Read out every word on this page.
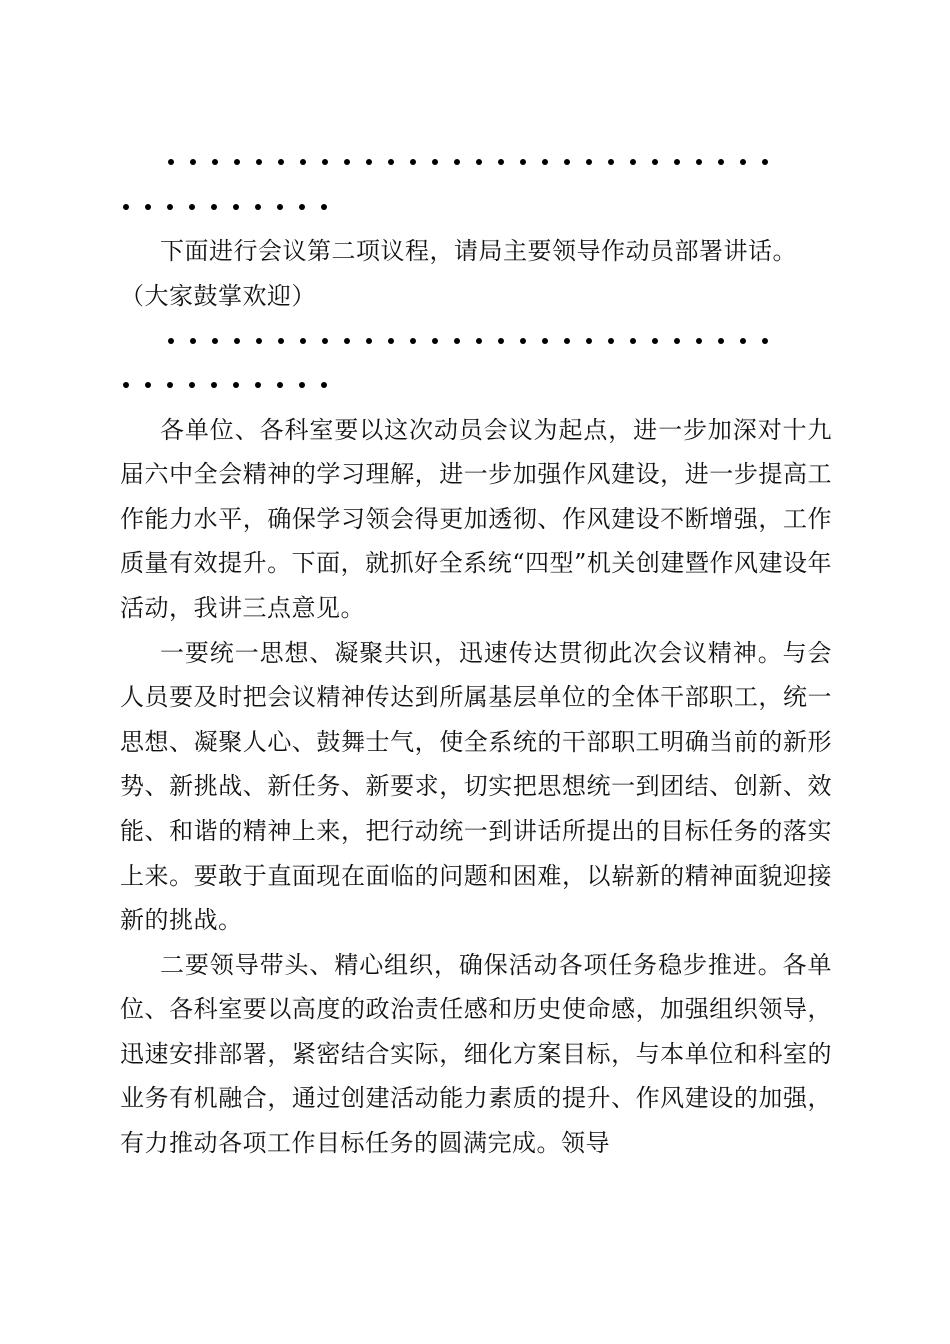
下面进行会议第二项议程，请局主要领导作动员部署讲话。

（大家鼓掌欢迎）

各单位、各科室要以这次动员会议为起点，进一步加深对十九届六中全会精神的学习理解，进一步加强作风建设，进一步提高工作能力水平，确保学习领会得更加透彻、作风建设不断增强，工作质量有效提升。下面，就抓好全系统“四型”机关创建暨作风建设年活动，我讲三点意见。

一要统一思想、凝聚共识，迅速传达贯彻此次会议精神。与会人员要及时把会议精神传达到所属基层单位的全体干部职工，统一思想、凝聚人心、鼓舞士气，使全系统的干部职工明确当前的新形势、新挑战、新任务、新要求，切实把思想统一到团结、创新、效能、和谐的精神上来，把行动统一到讲话所提出的目标任务的落实上来。要敢于直面现在面临的问题和困难，以崭新的精神面貌迎接新的挑战。

二要领导带头、精心组织，确保活动各项任务稳步推进。各单位、各科室要以高度的政治责任感和历史使命感，加强组织领导，迅速安排部署，紧密结合实际，细化方案目标，与本单位和科室的业务有机融合，通过创建活动能力素质的提升、作风建设的加强，有力推动各项工作目标任务的圆满完成。领导
